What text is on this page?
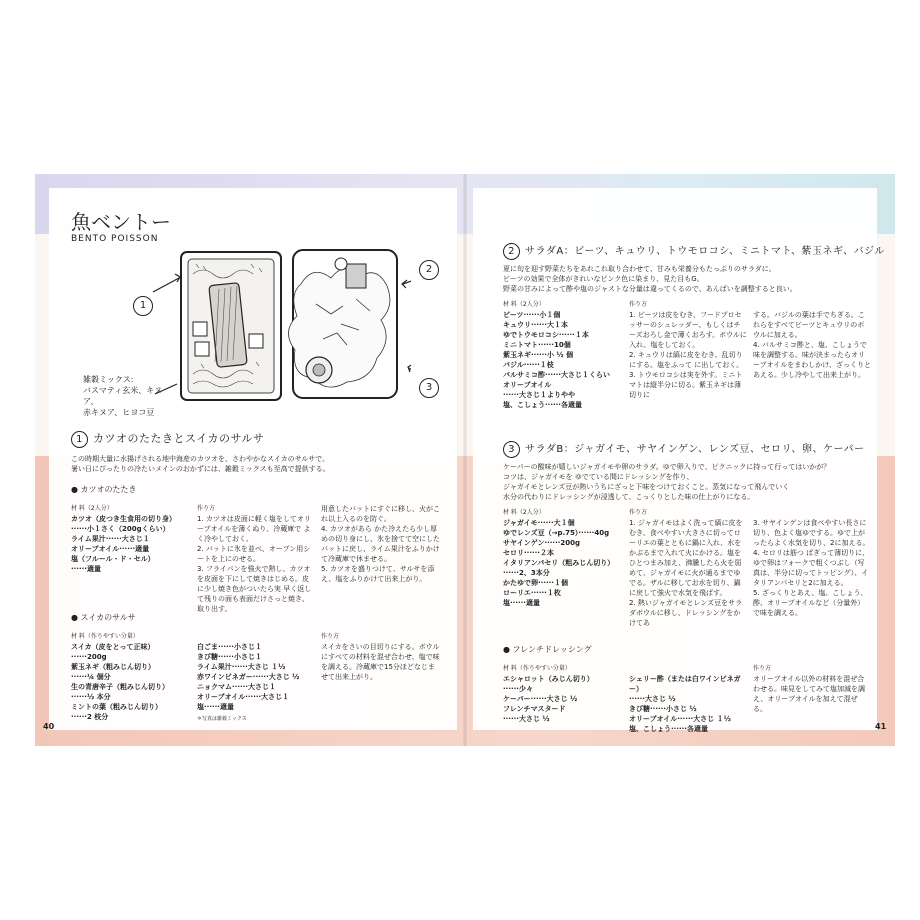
魚ベントー
BENTO POISSON
1
2
3
雑穀ミックス:
バスマティ玄米、キヌア、
赤キヌア、ヒヨコ豆
1 カツオのたたきとスイカのサルサ
この時期大量に水揚げされる地中海産のカツオを、さわやかなスイカのサルサで。
暑い日にぴったりの冷たいメインのおかずには、雑穀ミックスも至高で提供する。
● カツオのたたき
材 料（2人分）
カツオ（皮つき生食用の切り身）
······小１さく（200gくらい）
ライム果汁······大さじ１
オリーブオイル······適量
塩（フルール・ド・セル）
······適量
作り方
1. カツオは皮面に軽く塩をしてオリーブオイルを薄くぬり、冷蔵庫で よく冷やしておく。
2. バットに氷を並べ、オーブン用シートを上にのせる。
3. フライパンを強火で熱し、カツオを皮面を下にして焼きはじめる。皮に少し焼き色がついたら実 早く返して残りの面も表面だけさっと焼き、取り出す。
用意したバットにすぐに移し、火がこれ以上入るのを防ぐ。
4. カツオがあら かた冷えたら少し厚めの切り身にし、氷を捨てて空にしたバットに戻し、ライム果汁をふりかけて冷蔵庫で休ませる。
5. カツオを盛りつけて、サルサを添え、塩をふりかけて出来上がり。
● スイカのサルサ
材 料（作りやすい分量）
スイカ（皮をとって正味）
······200g
紫玉ネギ（粗みじん切り）
······¼ 個分
生の青唐辛子（粗みじん切り）
······½ 本分
ミントの葉（粗みじん切り）
······2 枝分
白ごま······小さじ１
きび糖······小さじ１
ライム果汁······大さじ １½
赤ワインビネガー······大さじ ½
ニョクマム······大さじ１
オリーブオイル······大さじ１
塩······適量
＊写真は雑穀ミックス
作り方
スイカをさいの目切りにする。ボウルにすべての材料を混ぜ合わせ、塩で味を調える。冷蔵庫で15分ほどなじませて出来上がり。
40
2 サラダA：ビーツ、キュウリ、トウモロコシ、ミニトマト、紫玉ネギ、バジル
夏に旬を迎す野菜たちをあれこれ取り合わせて、甘みも栄養分もたっぷりのサラダに。
ビーツの効果で全体がきれいなピンク色に染まり、見た目もG。
野菜の甘みによって酢や塩のジャストな分量は違ってくるので、あんばいを調整すると良い。
材 料（2人分）
ビーツ······小１個
キュウリ······大１本
ゆでトウモロコシ······１本
ミニトマト······10個
紫玉ネギ······小 ½ 個
バジル······１枝
バルサミコ酢······大さじ１くらい
オリーブオイル
······大さじ１よりやや
塩、こしょう······各適量
作り方
1. ビーツは皮をむき、フードプロセッサーのシュレッダー、もしくはチーズおろし金で薄くおろす。ボウルに入れ、塩をしておく。
2. キュウリは縞に皮をむき、乱切りにする。塩をふって に出しておく。
3. トウモロコシは実を外す。ミニトマトは縦半分に切る。紫玉ネギは薄切りに
する。バジルの葉は手でちぎる。これらをすべてビーツとキュウリのボウルに加える。
4. バルサミコ酢と、塩、こしょうで味を調整する。味が決まったらオリーブオイルをまわしかけ、ざっくりとあえる。少し冷やして出来上がり。
3 サラダB：ジャガイモ、サヤインゲン、レンズ豆、セロリ、卵、ケーパー
ケーパーの酸味が嬉しいジャガイモや卵のサラダ。ゆで卵入りで、ピクニックに持って行ってはいかが？
コツは、ジャガイモを ゆでている間にドレッシングを作り、
ジャガイモとレンズ豆が熱いうちにざっと下味をつけておくこと。蒸気になって飛んでいく
水分の代わりにドレッシングが浸透して、こっくりとした味の仕上がりになる。
材 料（2人分）
ジャガイモ······大１個
ゆでレンズ豆（→p.75）······40g
サヤインゲン······200g
セロリ······２本
イタリアンパセリ（粗みじん切り）
······2、3本分
かたゆで卵······１個
ローリエ······１枚
塩······適量
作り方
1. ジャガイモはよく洗って縞に皮をむき、食べやすい大きさに切ってローリエの葉とともに鍋に入れ、水をかぶるまで入れて火にかける。塩をひとつまみ加え、沸騰したら火を弱めて、ジャガイモに火が通るまでゆでる。ザルに移してお水を切り、鍋に戻して強火で水気を飛ばす。
2. 熱いジャガイモとレンズ豆をサラダボウルに移し、ドレッシングをかけてあ
3. サヤインゲンは食べやすい長さに切り、色よく塩ゆでする。ゆで上がったらよく水気を切り、2に加える。
4. セロリは筋つ ばぎって薄切りに、ゆで卵はフォークで粗くつぶし（写真は、半分に切ってトッピング）、イタリアンパセリと2に加える。
5. ざっくりとあえ、塩、こしょう、酢、オリーブオイルなど（分量外）で味を調える。
● フレンチドレッシング
材 料（作りやすい分量）
エシャロット（みじん切り）
······少々
ケーパー······大さじ ½
フレンチマスタード
······大さじ ½
シェリー酢（または白ワインビネガー）
······大さじ ½
きび糖······小さじ ½
オリーブオイル······大さじ １½
塩、こしょう······各適量
作り方
オリーブオイル以外の材料を混ぜ合わせる。味見をしてみて塩加減を調え、オリーブオイルを加えて混ぜる。
41
